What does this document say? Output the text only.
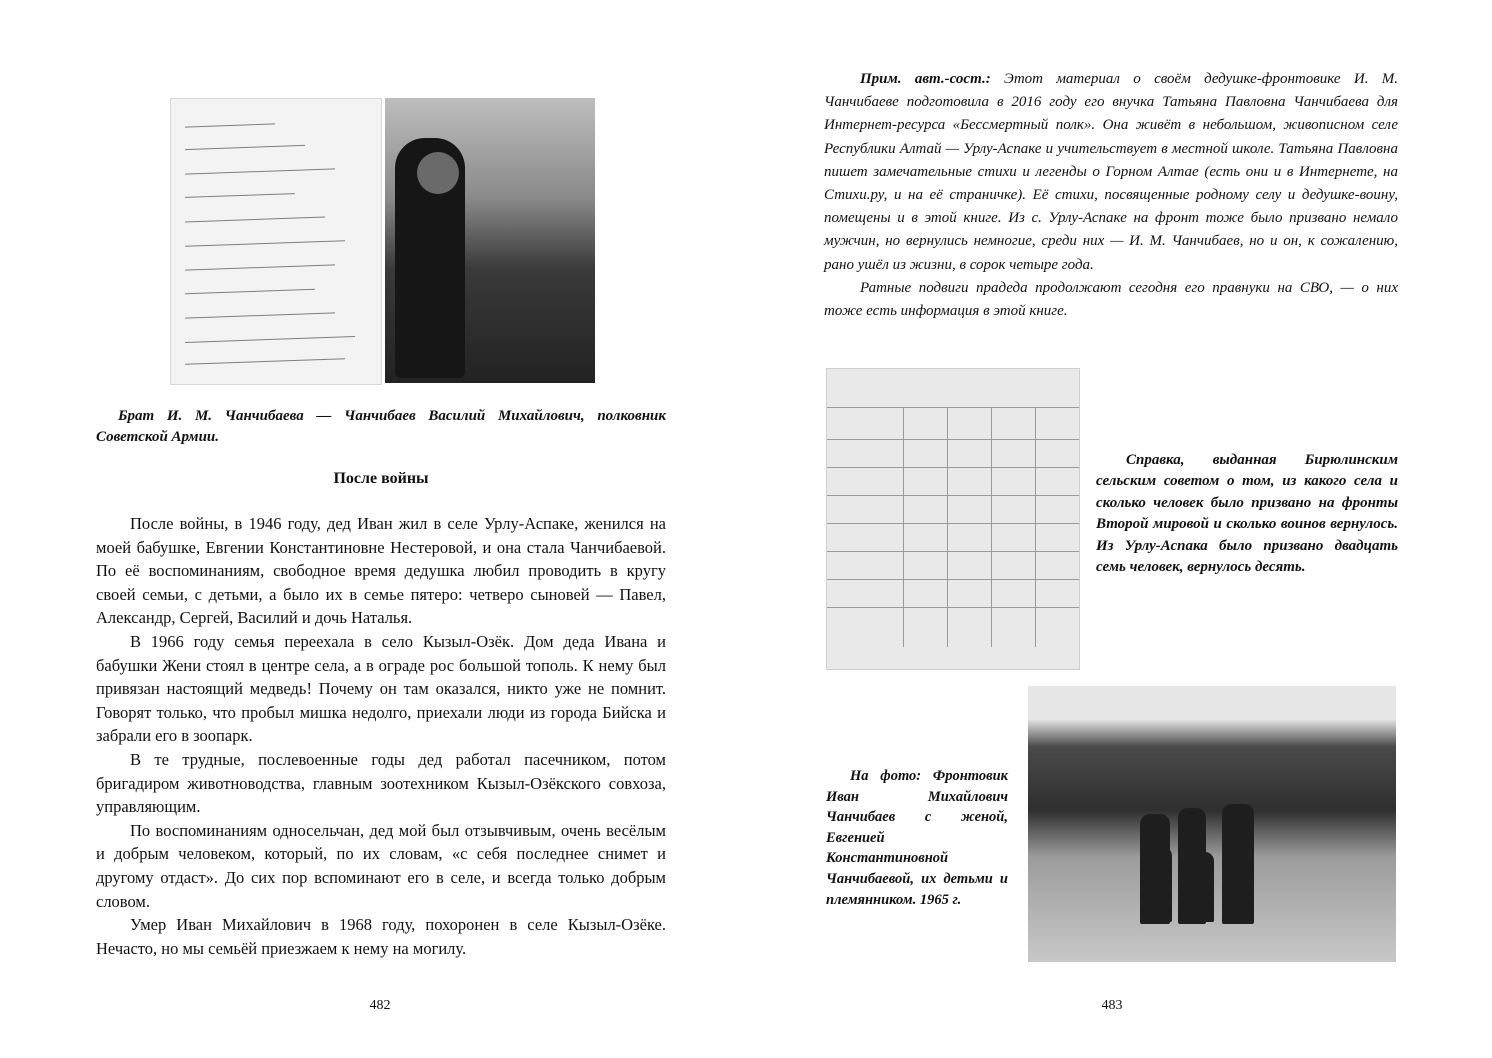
Брат И. М. Чанчибаева — Чанчибаев Василий Михайлович, полковник Советской Армии.

После войны

После войны, в 1946 году, дед Иван жил в селе Урлу-Аспаке, женился на моей бабушке, Евгении Константиновне Нестеровой, и она стала Чанчибаевой. По её воспоминаниям, свободное время дедушка любил проводить в кругу своей семьи, с детьми, а было их в семье пятеро: четверо сыновей — Павел, Александр, Сергей, Василий и дочь Наталья.

В 1966 году семья переехала в село Кызыл-Озёк. Дом деда Ивана и бабушки Жени стоял в центре села, а в ограде рос большой тополь. К нему был привязан настоящий медведь! Почему он там оказался, никто уже не помнит. Говорят только, что пробыл мишка недолго, приехали люди из города Бийска и забрали его в зоопарк.

В те трудные, послевоенные годы дед работал пасечником, потом бригадиром животноводства, главным зоотехником Кызыл-Озёкского совхоза, управляющим.

По воспоминаниям односельчан, дед мой был отзывчивым, очень весёлым и добрым человеком, который, по их словам, «с себя последнее снимет и другому отдаст». До сих пор вспоминают его в селе, и всегда только добрым словом.

Умер Иван Михайлович в 1968 году, похоронен в селе Кызыл-Озёке. Нечасто, но мы семьёй приезжаем к нему на могилу.

482

Прим. авт.-сост.: Этот материал о своём дедушке-фронтовике И. М. Чанчибаеве подготовила в 2016 году его внучка Татьяна Павловна Чанчибаева для Интернет-ресурса «Бессмертный полк». Она живёт в небольшом, живописном селе Республики Алтай — Урлу-Аспаке и учительствует в местной школе. Татьяна Павловна пишет замечательные стихи и легенды о Горном Алтае (есть они и в Интернете, на Стихи.ру, и на её страничке). Её стихи, посвященные родному селу и дедушке-воину, помещены и в этой книге. Из с. Урлу-Аспаке на фронт тоже было призвано немало мужчин, но вернулись немногие, среди них — И. М. Чанчибаев, но и он, к сожалению, рано ушёл из жизни, в сорок четыре года.

Ратные подвиги прадеда продолжают сегодня его правнуки на СВО, — о них тоже есть информация в этой книге.

Справка, выданная Бирюлинским сельским советом о том, из какого села и сколько человек было призвано на фронты Второй мировой и сколько воинов вернулось. Из Урлу-Аспака было призвано двадцать семь человек, вернулось десять.

На фото: Фронтовик Иван Михайлович Чанчибаев с женой, Евгенией Константиновной Чанчибаевой, их детьми и племянником. 1965 г.

483
